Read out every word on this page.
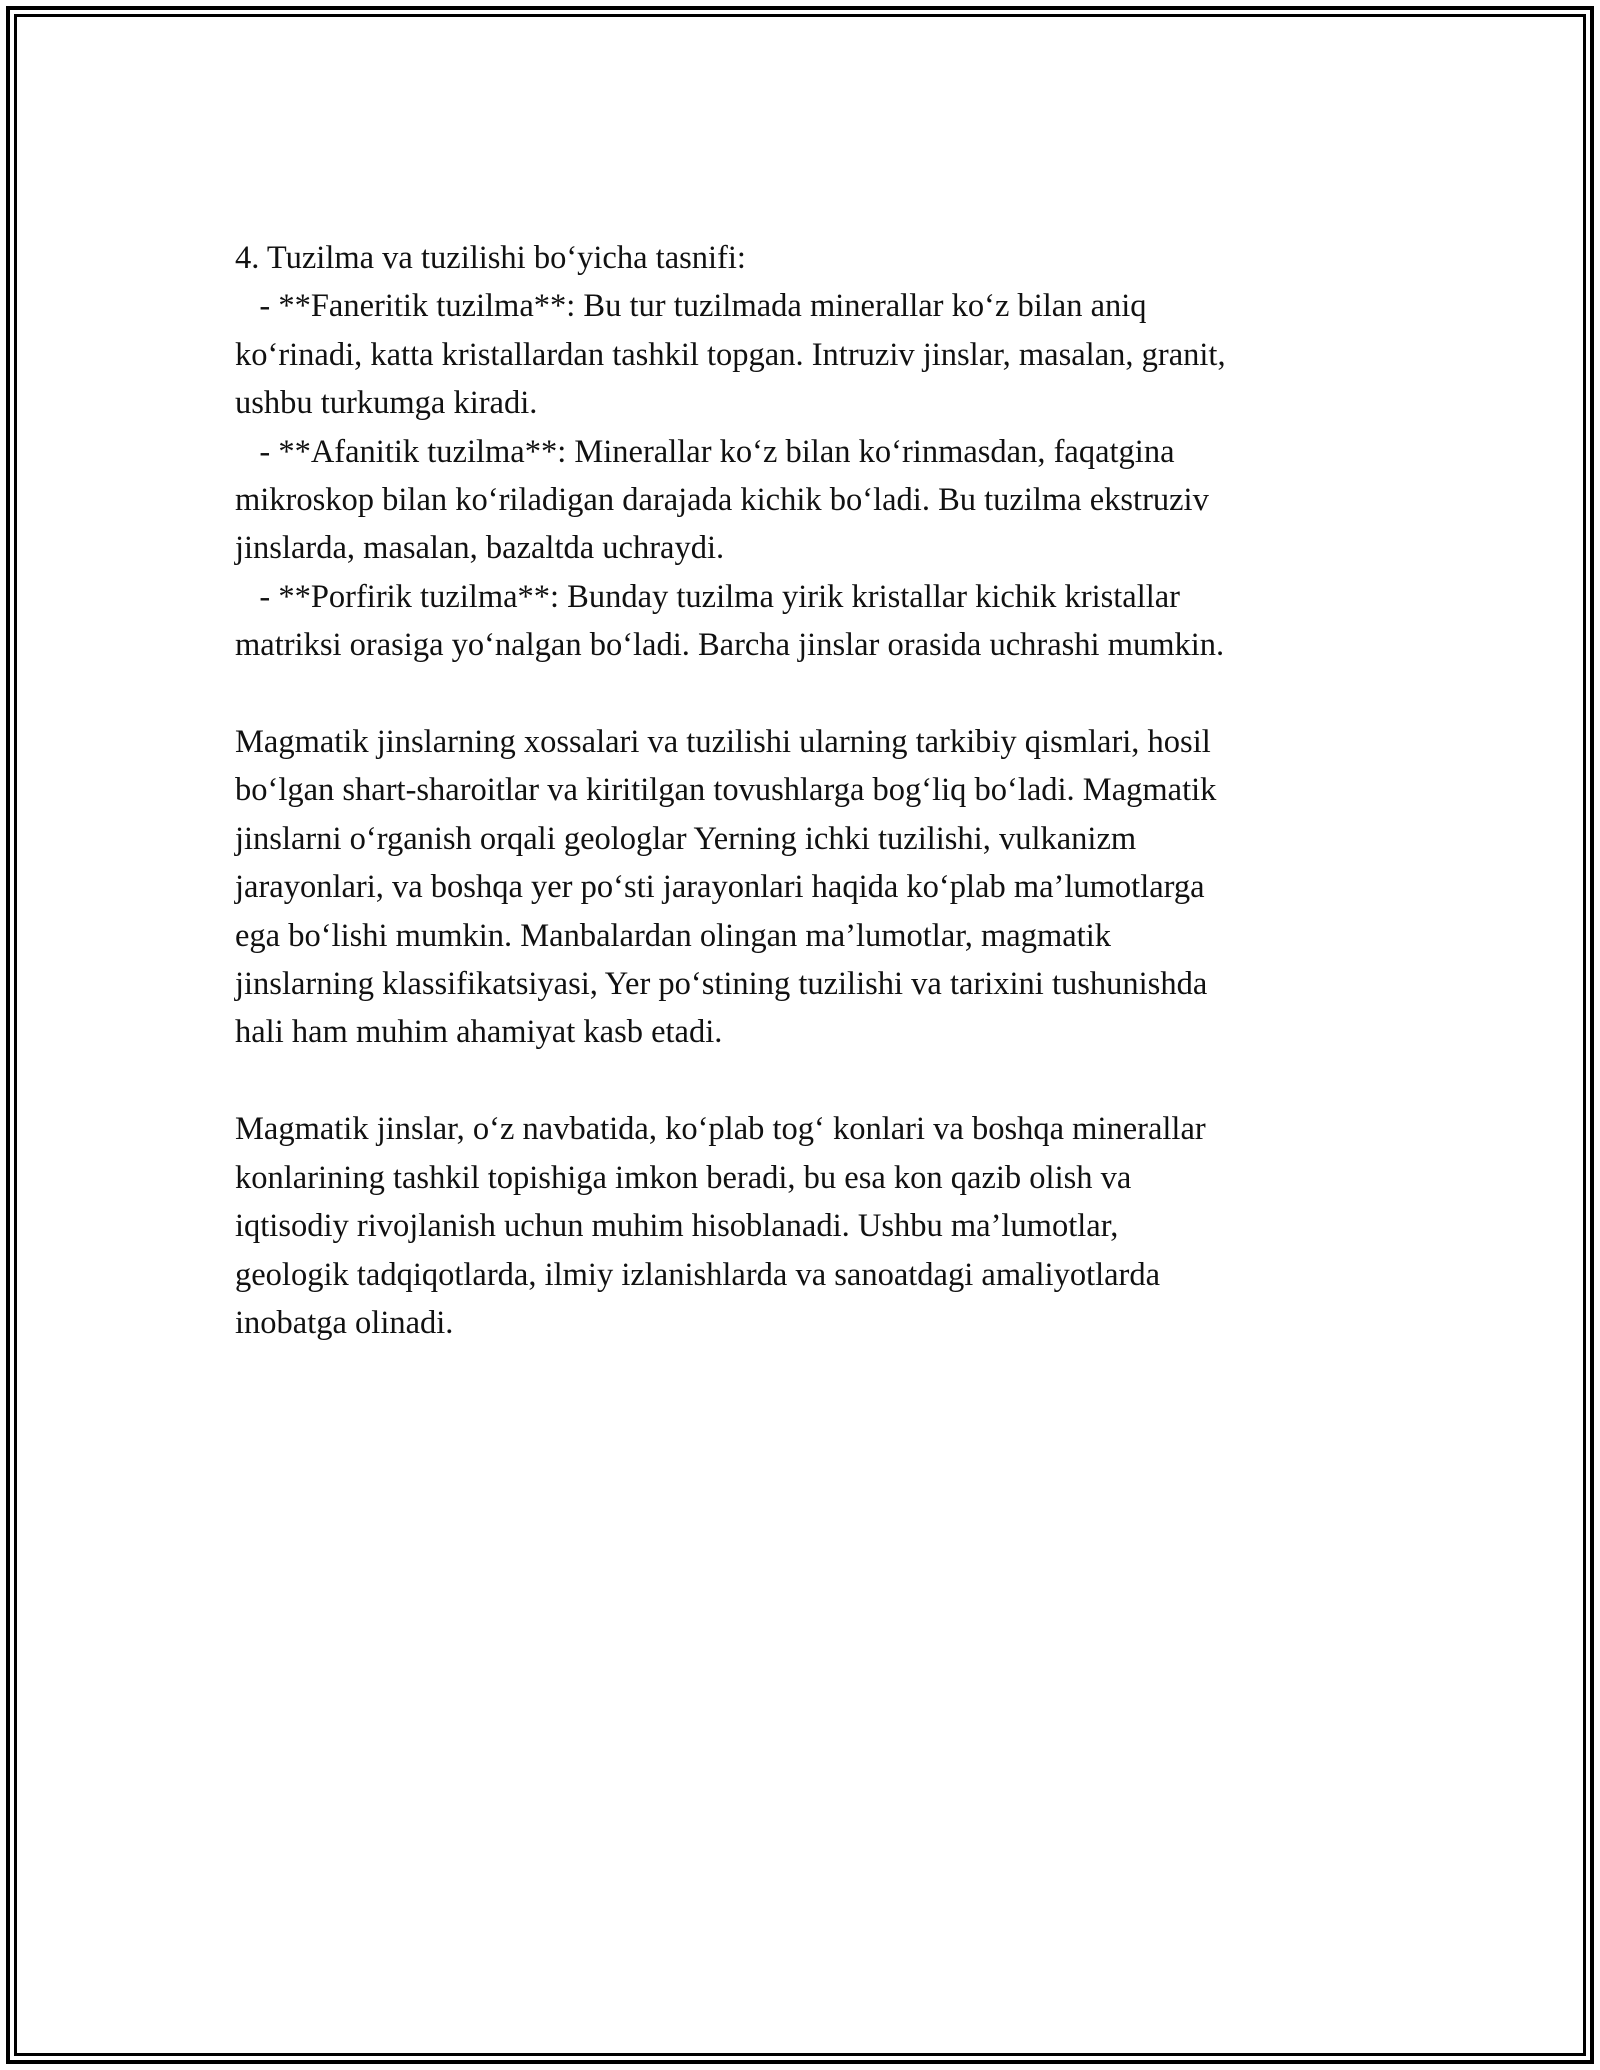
4. Tuzilma va tuzilishi bo‘yicha tasnifi:
- **Faneritik tuzilma**: Bu tur tuzilmada minerallar ko‘z bilan aniq
ko‘rinadi, katta kristallardan tashkil topgan. Intruziv jinslar, masalan, granit,
ushbu turkumga kiradi.
- **Afanitik tuzilma**: Minerallar ko‘z bilan ko‘rinmasdan, faqatgina
mikroskop bilan ko‘riladigan darajada kichik bo‘ladi. Bu tuzilma ekstruziv
jinslarda, masalan, bazaltda uchraydi.
- **Porfirik tuzilma**: Bunday tuzilma yirik kristallar kichik kristallar
matriksi orasiga yo‘nalgan bo‘ladi. Barcha jinslar orasida uchrashi mumkin.
Magmatik jinslarning xossalari va tuzilishi ularning tarkibiy qismlari, hosil
bo‘lgan shart-sharoitlar va kiritilgan tovushlarga bog‘liq bo‘ladi. Magmatik
jinslarni o‘rganish orqali geologlar Yerning ichki tuzilishi, vulkanizm
jarayonlari, va boshqa yer po‘sti jarayonlari haqida ko‘plab ma’lumotlarga
ega bo‘lishi mumkin. Manbalardan olingan ma’lumotlar, magmatik
jinslarning klassifikatsiyasi, Yer po‘stining tuzilishi va tarixini tushunishda
hali ham muhim ahamiyat kasb etadi.
Magmatik jinslar, o‘z navbatida, ko‘plab tog‘ konlari va boshqa minerallar
konlarining tashkil topishiga imkon beradi, bu esa kon qazib olish va
iqtisodiy rivojlanish uchun muhim hisoblanadi. Ushbu ma’lumotlar,
geologik tadqiqotlarda, ilmiy izlanishlarda va sanoatdagi amaliyotlarda
inobatga olinadi.
